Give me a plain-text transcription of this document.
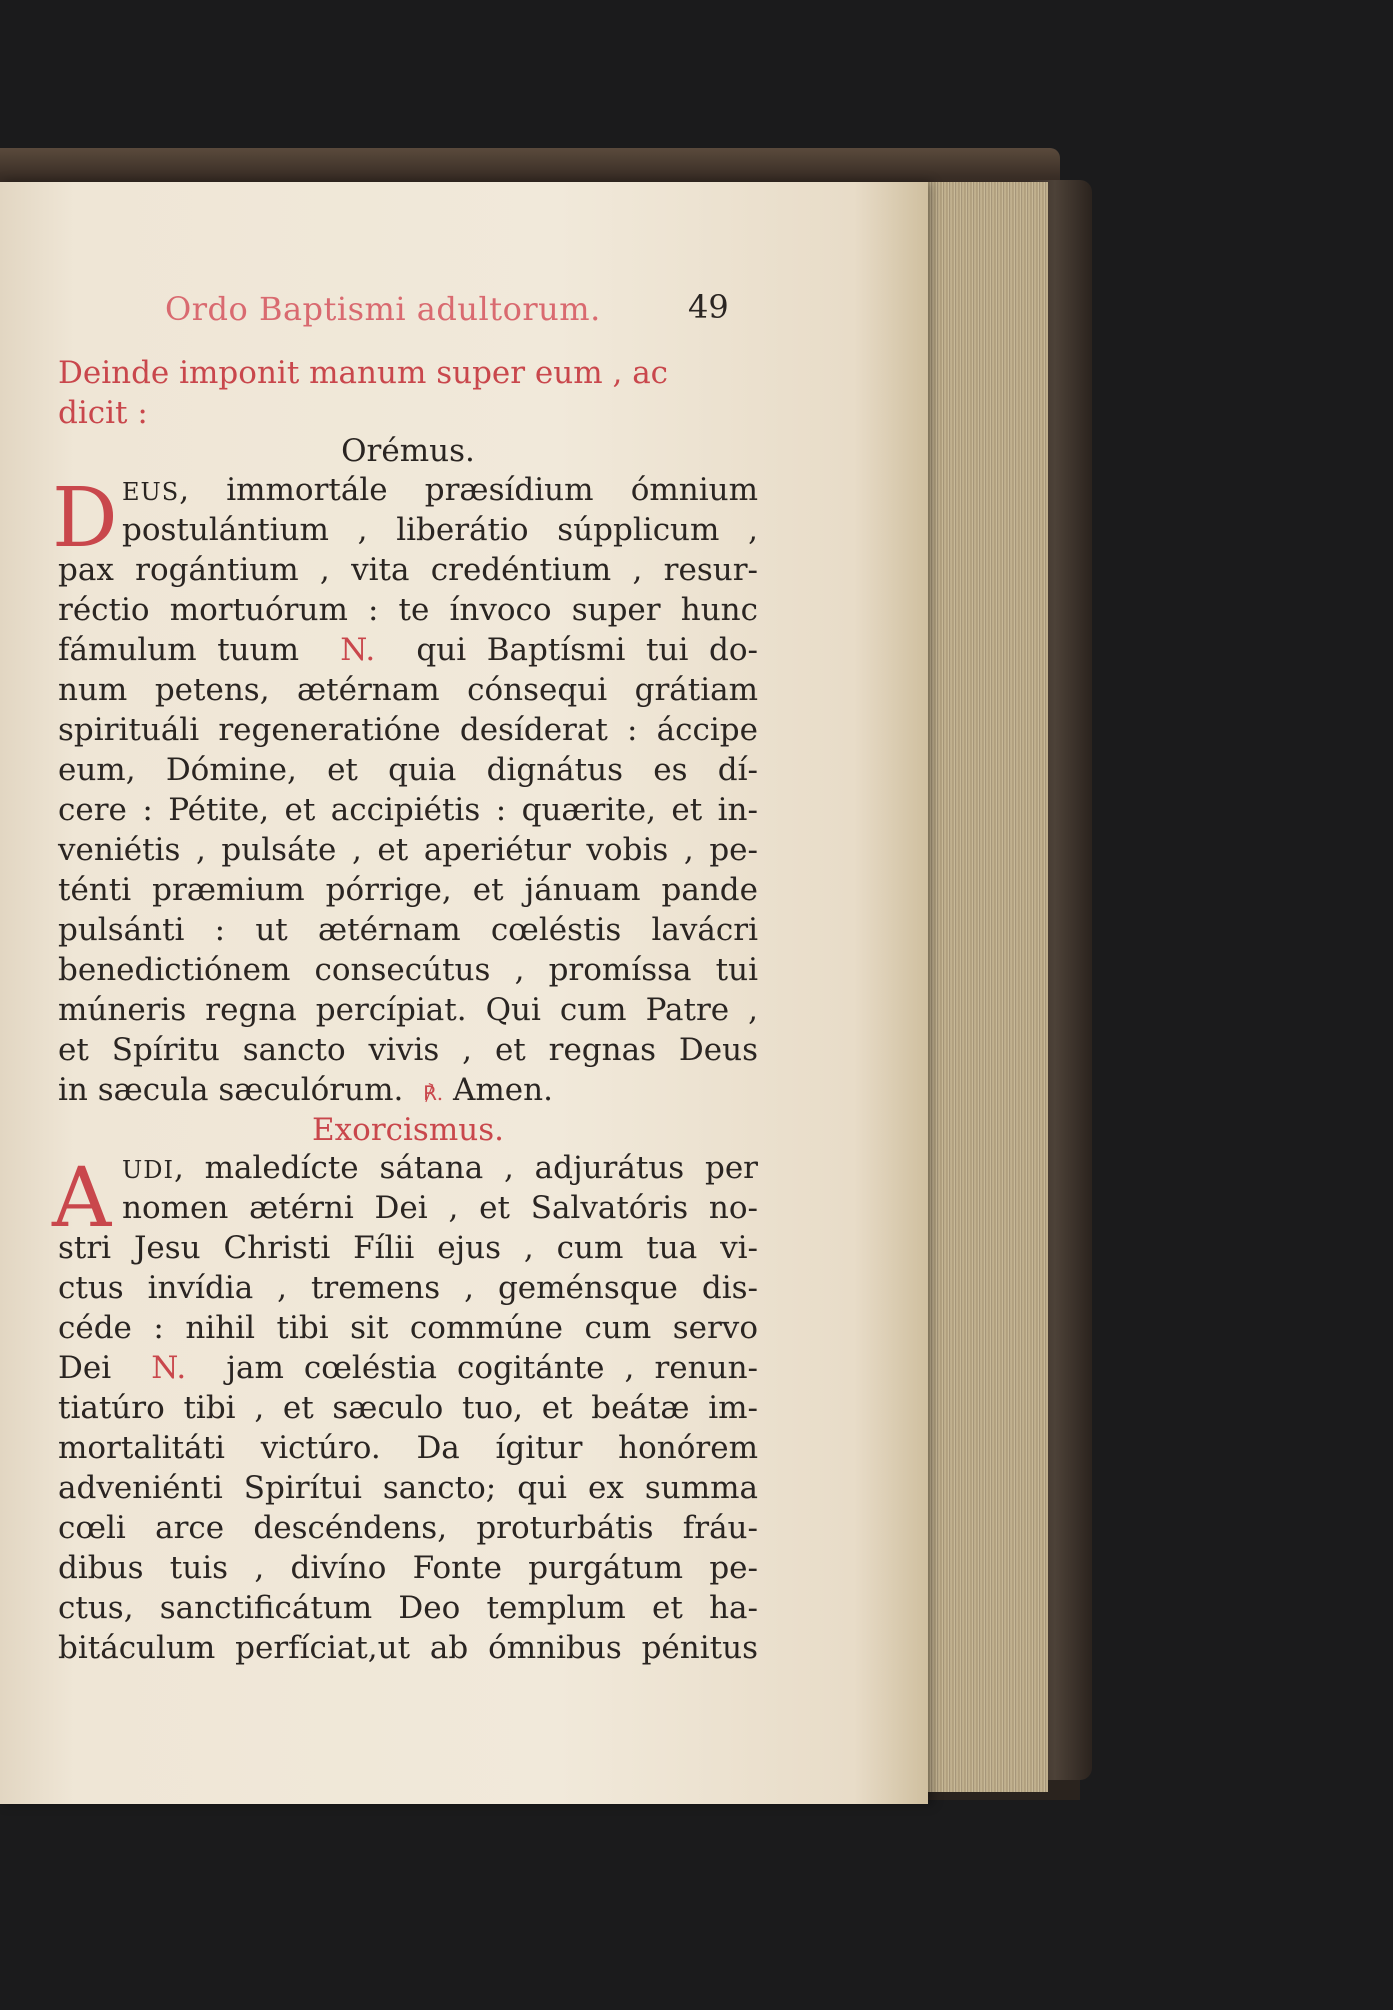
Ordo Baptismi adultorum.	49
Deinde imponit manum super eum , ac
dicit :
Orémus.
D EUS, immortále præsídium ómnium
postulántium , liberátio súpplicum ,
pax rogántium , vita credéntium , resur-
réctio mortuórum : te ínvoco super hunc
fámulum tuum N. qui Baptísmi tui do-
num petens, ætérnam cónsequi grátiam
spirituáli regeneratióne desíderat : áccipe
eum, Dómine, et quia dignátus es dí-
cere : Pétite, et accipiétis : quærite, et in-
veniétis , pulsáte , et aperiétur vobis , pe-
ténti præmium pórrige, et jánuam pande
pulsánti : ut ætérnam cœléstis lavácri
benedictiónem consecútus , promíssa tui
múneris regna percípiat. Qui cum Patre ,
et Spíritu sancto vivis , et regnas Deus
in sæcula sæculórum. ℟. Amen.
Exorcismus.
A UDI, maledícte sátana , adjurátus per
nomen ætérni Dei , et Salvatóris no-
stri Jesu Christi Fílii ejus , cum tua vi-
ctus invídia , tremens , geménsque dis-
céde : nihil tibi sit commúne cum servo
Dei N. jam cœléstia cogitánte , renun-
tiatúro tibi , et sæculo tuo, et beátæ im-
mortalitáti victúro. Da ígitur honórem
adveniénti Spirítui sancto; qui ex summa
cœli arce descéndens, proturbátis fráu-
dibus tuis , divíno Fonte purgátum pe-
ctus, sanctificátum Deo templum et ha-
bitáculum perfíciat,ut ab ómnibus pénitus
